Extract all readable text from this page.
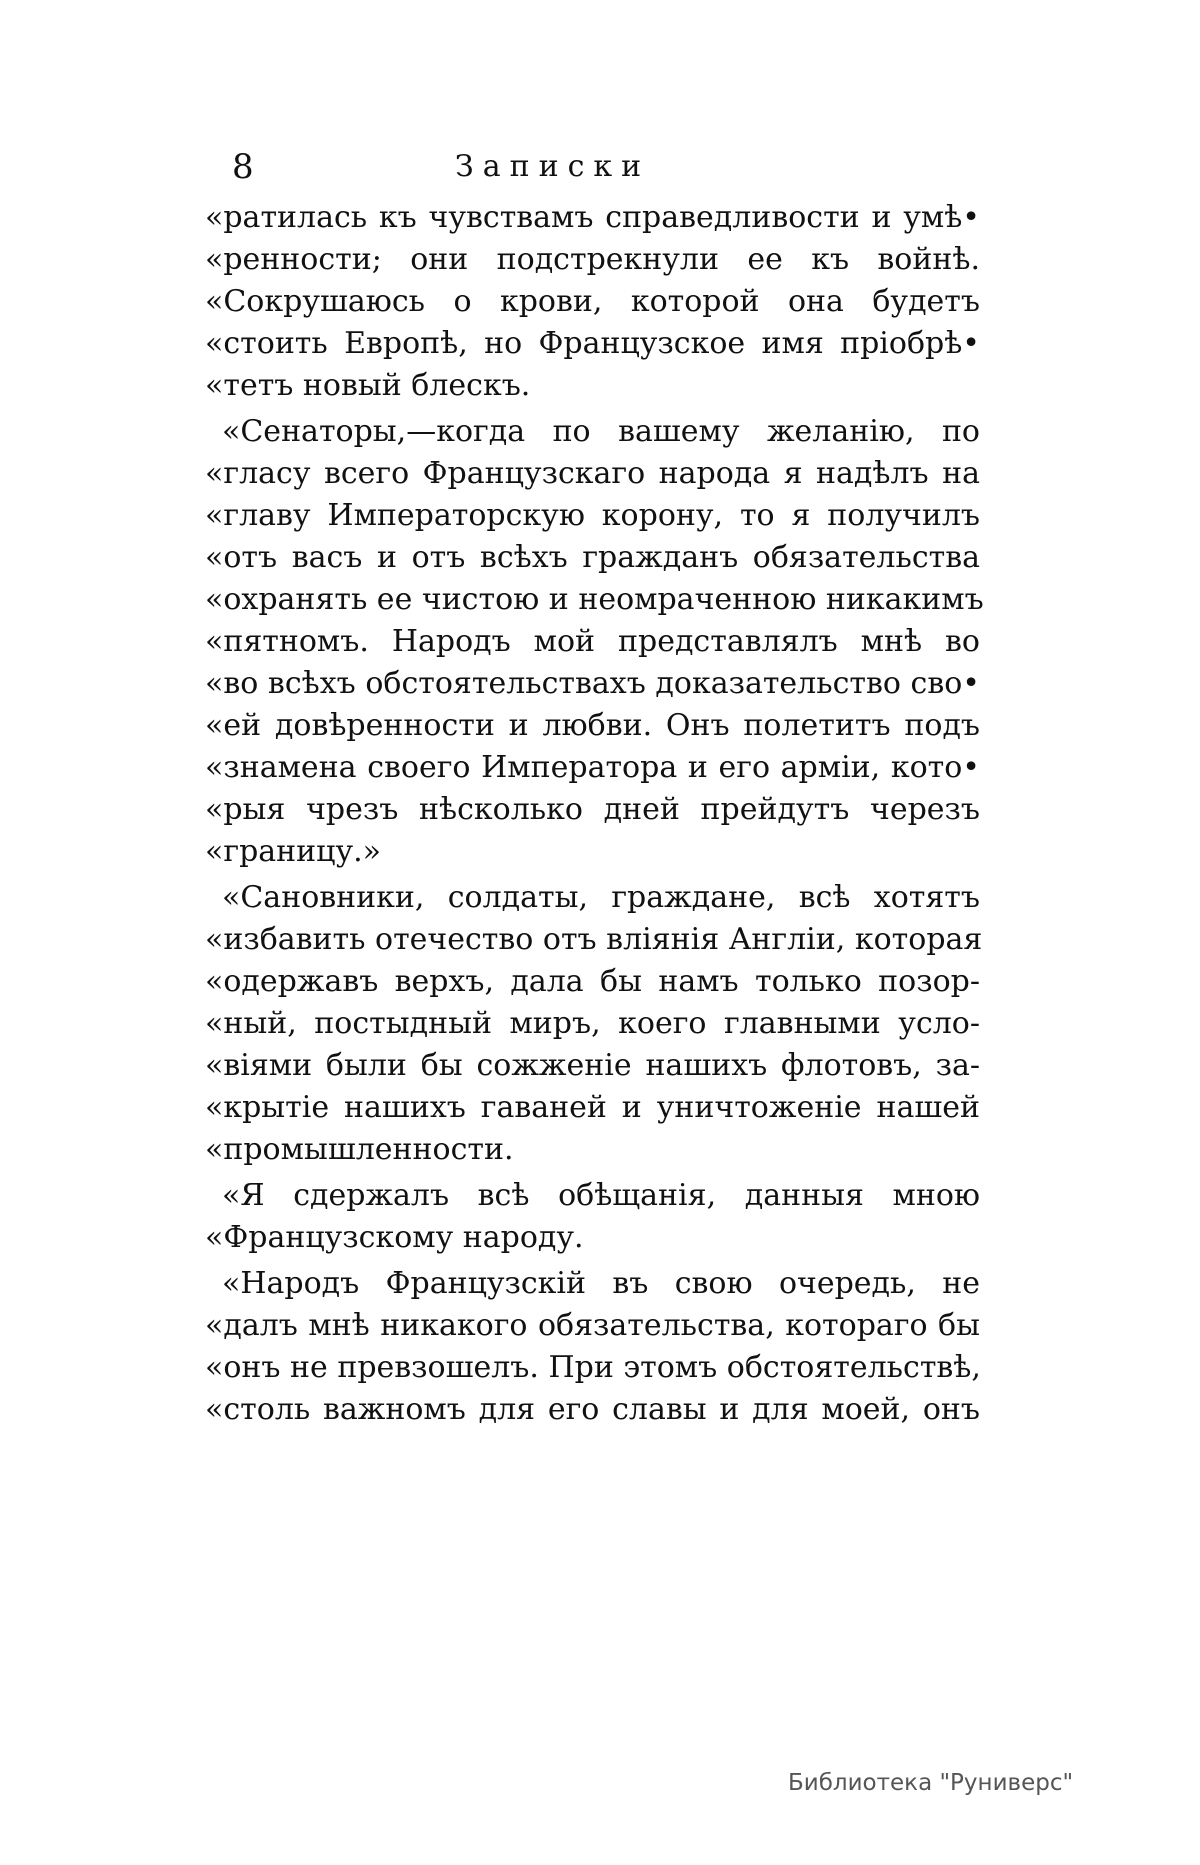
8	Записки
«ратилась къ чувствамъ справедливости и умѣ•
«ренности; они подстрекнули ее къ войнѣ.
«Сокрушаюсь о крови, которой она будетъ
«стоить Европѣ, но Французское имя пріобрѣ•
«тетъ новый блескъ.
«Сенаторы,—когда по вашему желанію, по
«гласу всего Французскаго народа я надѣлъ на
«главу Императорскую корону, то я получилъ
«отъ васъ и отъ всѣхъ гражданъ обязательства
«охранять ее чистою и неомраченною никакимъ
«пятномъ. Народъ мой представлялъ мнѣ во
«во всѣхъ обстоятельствахъ доказательство сво•
«ей довѣренности и любви. Онъ полетитъ подъ
«знамена своего Императора и его арміи, кото•
«рыя чрезъ нѣсколько дней прейдутъ черезъ
«границу.»
«Сановники, солдаты, граждане, всѣ хотятъ
«избавить отечество отъ вліянія Англіи, которая
«одержавъ верхъ, дала бы намъ только позор-
«ный, постыдный миръ, коего главными усло-
«віями были бы сожженіе нашихъ флотовъ, за-
«крытіе нашихъ гаваней и уничтоженіе нашей
«промышленности.
«Я сдержалъ всѣ обѣщанія, данныя мною
«Французскому народу.
«Народъ Французскій въ свою очередь, не
«далъ мнѣ никакого обязательства, котораго бы
«онъ не превзошелъ. При этомъ обстоятельствѣ,
«столь важномъ для его славы и для моей, онъ
Библиотека "Руниверс"
